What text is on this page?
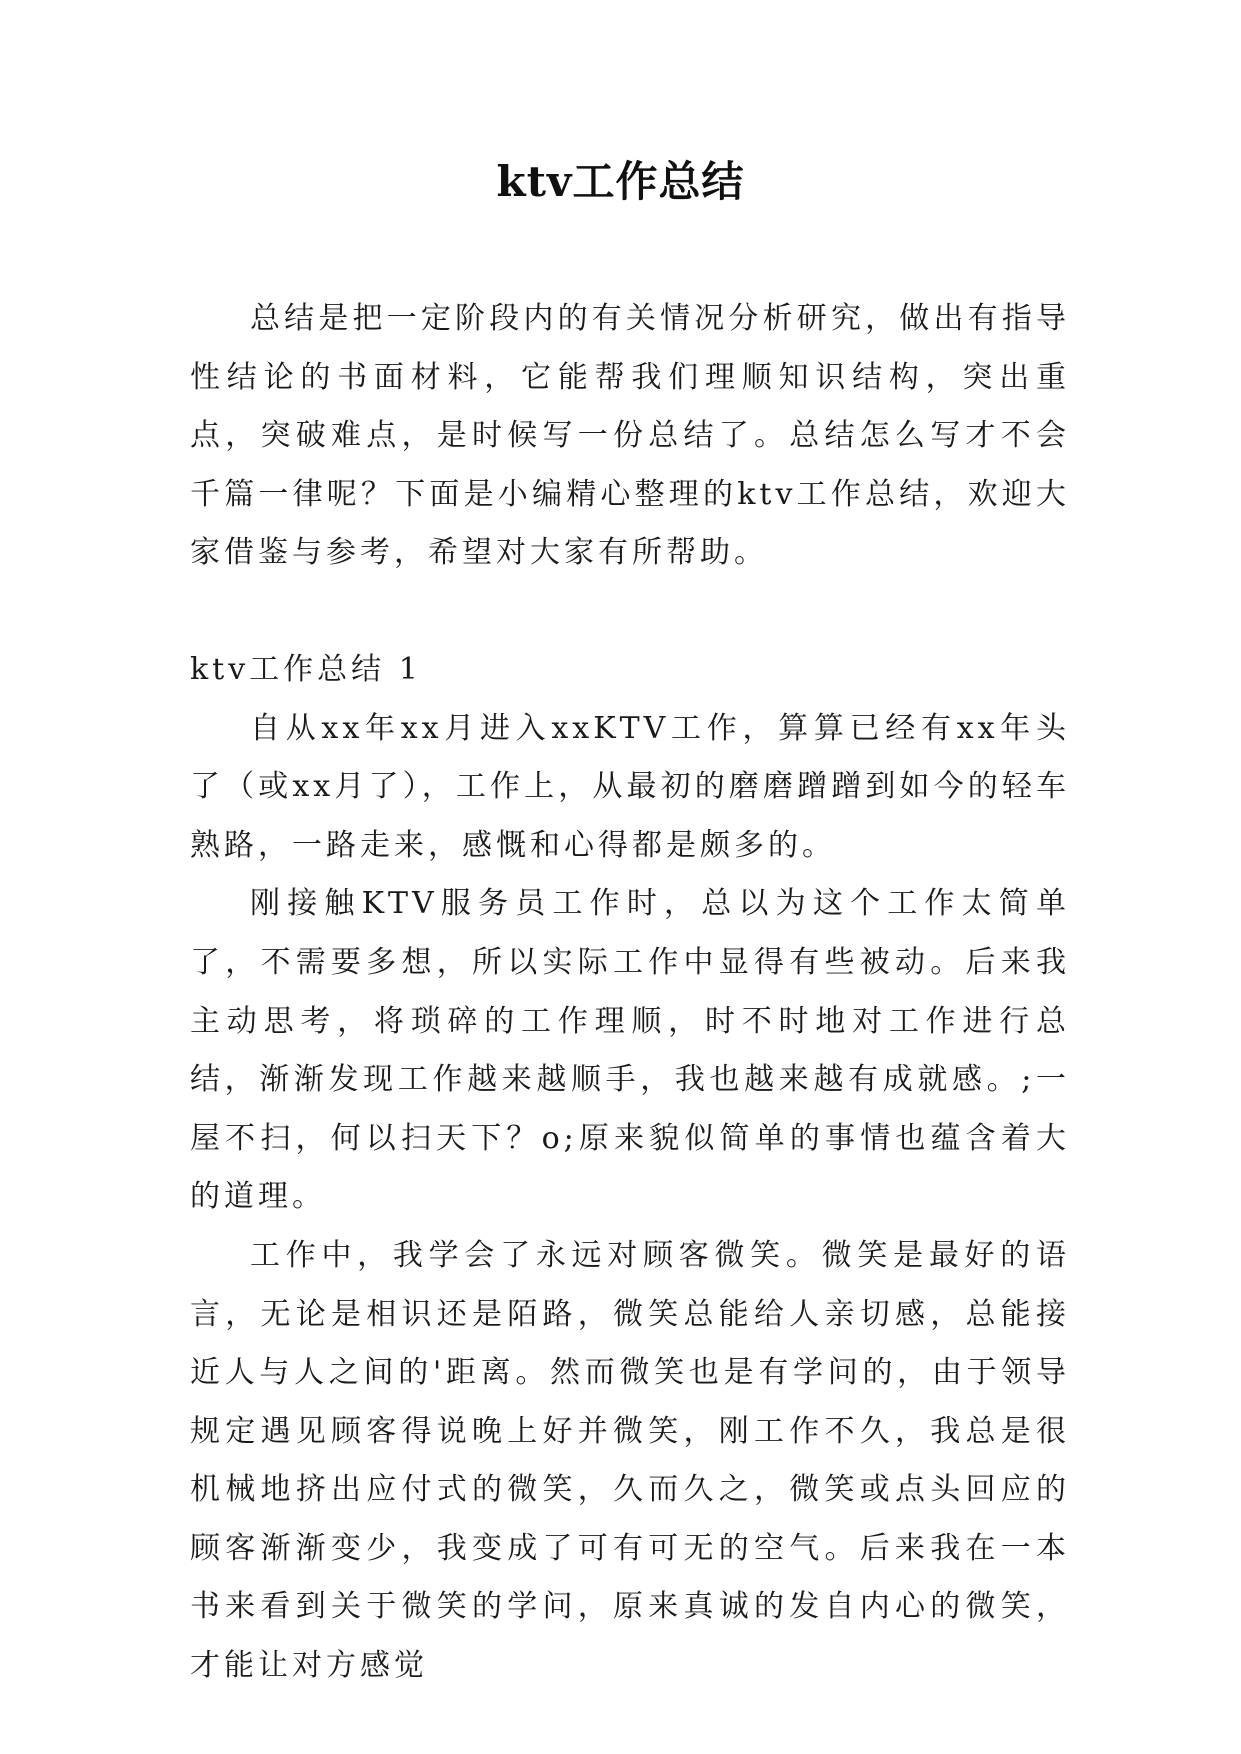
ktv工作总结

总结是把一定阶段内的有关情况分析研究，做出有指导性结论的书面材料，它能帮我们理顺知识结构，突出重点，突破难点，是时候写一份总结了。总结怎么写才不会千篇一律呢？下面是小编精心整理的ktv工作总结，欢迎大家借鉴与参考，希望对大家有所帮助。

ktv工作总结 1

自从xx年xx月进入xxKTV工作，算算已经有xx年头了（或xx月了），工作上，从最初的磨磨蹭蹭到如今的轻车熟路，一路走来，感慨和心得都是颇多的。

刚接触KTV服务员工作时，总以为这个工作太简单了，不需要多想，所以实际工作中显得有些被动。后来我主动思考，将琐碎的工作理顺，时不时地对工作进行总结，渐渐发现工作越来越顺手，我也越来越有成就感。;一屋不扫，何以扫天下？o;原来貌似简单的事情也蕴含着大的道理。

工作中，我学会了永远对顾客微笑。微笑是最好的语言，无论是相识还是陌路，微笑总能给人亲切感，总能接近人与人之间的'距离。然而微笑也是有学问的，由于领导规定遇见顾客得说晚上好并微笑，刚工作不久，我总是很机械地挤出应付式的微笑，久而久之，微笑或点头回应的顾客渐渐变少，我变成了可有可无的空气。后来我在一本书来看到关于微笑的学问，原来真诚的发自内心的微笑，才能让对方感觉
